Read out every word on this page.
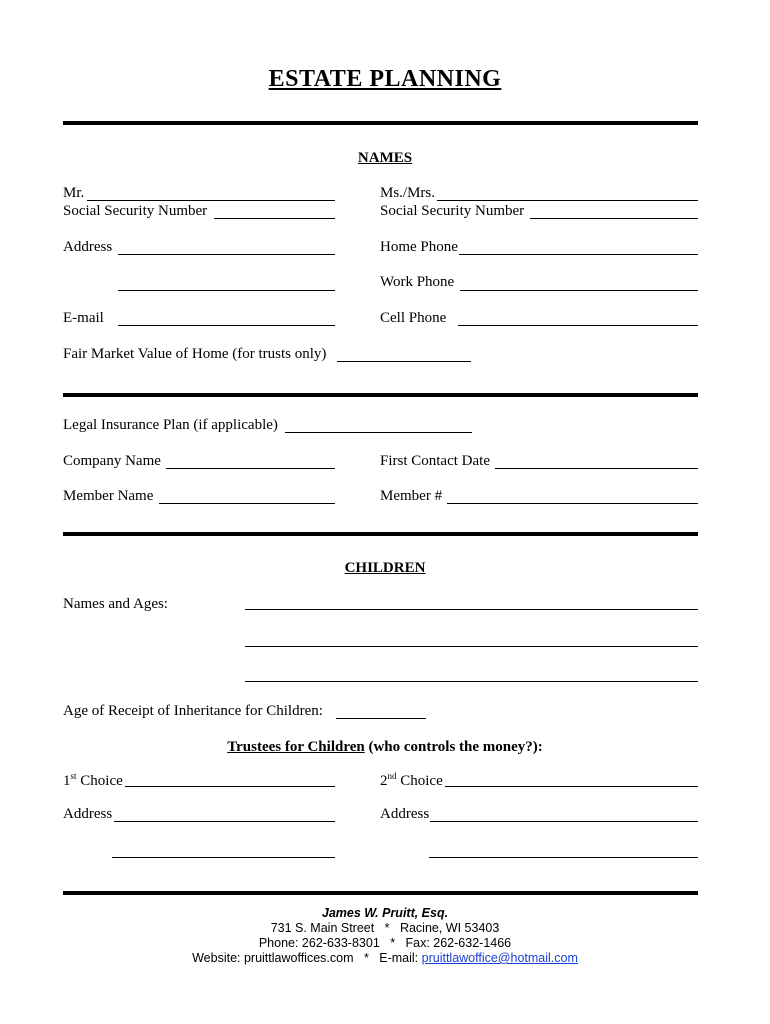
ESTATE PLANNING
NAMES
Mr.	Ms./Mrs.
Social Security Number	Social Security Number
Address	Home Phone
Work Phone
E-mail	Cell Phone
Fair Market Value of Home (for trusts only)
Legal Insurance Plan (if applicable)
Company Name	First Contact Date
Member Name	Member #
CHILDREN
Names and Ages:
Age of Receipt of Inheritance for Children:
Trustees for Children (who controls the money?):
1st Choice	2nd Choice
Address	Address
James W. Pruitt, Esq.
731 S. Main Street * Racine, WI 53403
Phone: 262-633-8301 * Fax: 262-632-1466
Website: pruittlawoffices.com * E-mail: pruittlawoffice@hotmail.com
